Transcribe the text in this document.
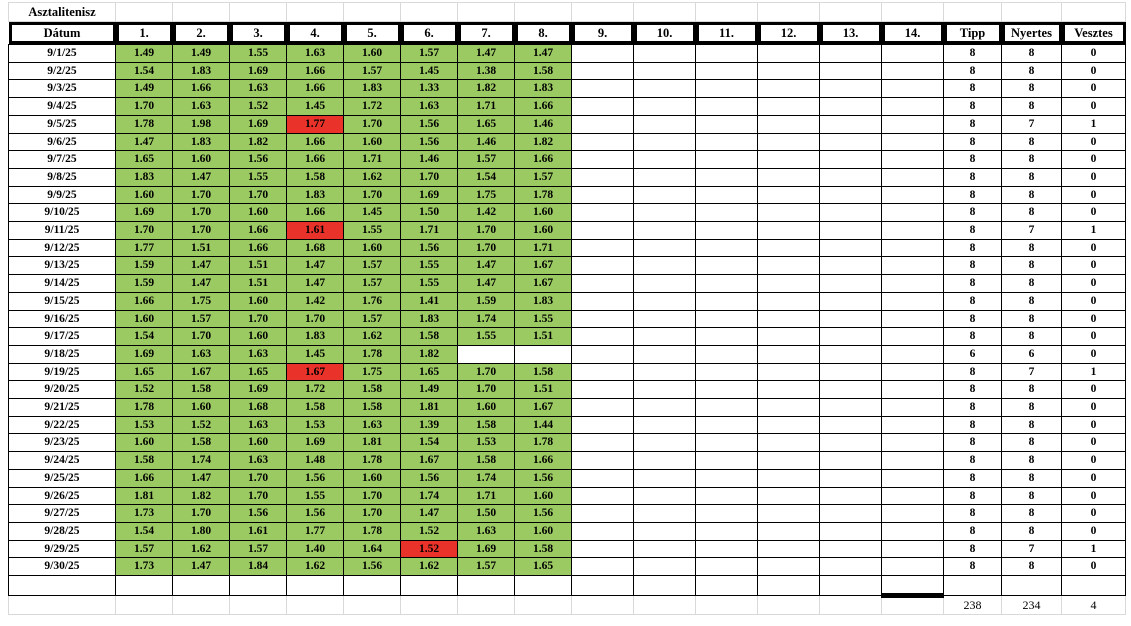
Asztalitenisz																	

Dátum	1.	2.	3.	4.	5.	6.	7.	8.	9.	10.	11.	12.	13.	14.	Tipp	Nyertes	Vesztes

9/1/25	1.49	1.49	1.55	1.63	1.60	1.57	1.47	1.47							8	8	0
9/2/25	1.54	1.83	1.69	1.66	1.57	1.45	1.38	1.58							8	8	0
9/3/25	1.49	1.66	1.63	1.66	1.83	1.33	1.82	1.83							8	8	0
9/4/25	1.70	1.63	1.52	1.45	1.72	1.63	1.71	1.66							8	8	0
9/5/25	1.78	1.98	1.69	1.77	1.70	1.56	1.65	1.46							8	7	1
9/6/25	1.47	1.83	1.82	1.66	1.60	1.56	1.46	1.82							8	8	0
9/7/25	1.65	1.60	1.56	1.66	1.71	1.46	1.57	1.66							8	8	0
9/8/25	1.83	1.47	1.55	1.58	1.62	1.70	1.54	1.57							8	8	0
9/9/25	1.60	1.70	1.70	1.83	1.70	1.69	1.75	1.78							8	8	0
9/10/25	1.69	1.70	1.60	1.66	1.45	1.50	1.42	1.60							8	8	0
9/11/25	1.70	1.70	1.66	1.61	1.55	1.71	1.70	1.60							8	7	1
9/12/25	1.77	1.51	1.66	1.68	1.60	1.56	1.70	1.71							8	8	0
9/13/25	1.59	1.47	1.51	1.47	1.57	1.55	1.47	1.67							8	8	0
9/14/25	1.59	1.47	1.51	1.47	1.57	1.55	1.47	1.67							8	8	0
9/15/25	1.66	1.75	1.60	1.42	1.76	1.41	1.59	1.83							8	8	0
9/16/25	1.60	1.57	1.70	1.70	1.57	1.83	1.74	1.55							8	8	0
9/17/25	1.54	1.70	1.60	1.83	1.62	1.58	1.55	1.51							8	8	0
9/18/25	1.69	1.63	1.63	1.45	1.78	1.82									6	6	0
9/19/25	1.65	1.67	1.65	1.67	1.75	1.65	1.70	1.58							8	7	1
9/20/25	1.52	1.58	1.69	1.72	1.58	1.49	1.70	1.51							8	8	0
9/21/25	1.78	1.60	1.68	1.58	1.58	1.81	1.60	1.67							8	8	0
9/22/25	1.53	1.52	1.63	1.53	1.63	1.39	1.58	1.44							8	8	0
9/23/25	1.60	1.58	1.60	1.69	1.81	1.54	1.53	1.78							8	8	0
9/24/25	1.58	1.74	1.63	1.48	1.78	1.67	1.58	1.66							8	8	0
9/25/25	1.66	1.47	1.70	1.56	1.60	1.56	1.74	1.56							8	8	0
9/26/25	1.81	1.82	1.70	1.55	1.70	1.74	1.71	1.60							8	8	0
9/27/25	1.73	1.70	1.56	1.56	1.70	1.47	1.50	1.56							8	8	0
9/28/25	1.54	1.80	1.61	1.77	1.78	1.52	1.63	1.60							8	8	0
9/29/25	1.57	1.62	1.57	1.40	1.64	1.52	1.69	1.58							8	7	1
9/30/25	1.73	1.47	1.84	1.62	1.56	1.62	1.57	1.65							8	8	0

															238	234	4
